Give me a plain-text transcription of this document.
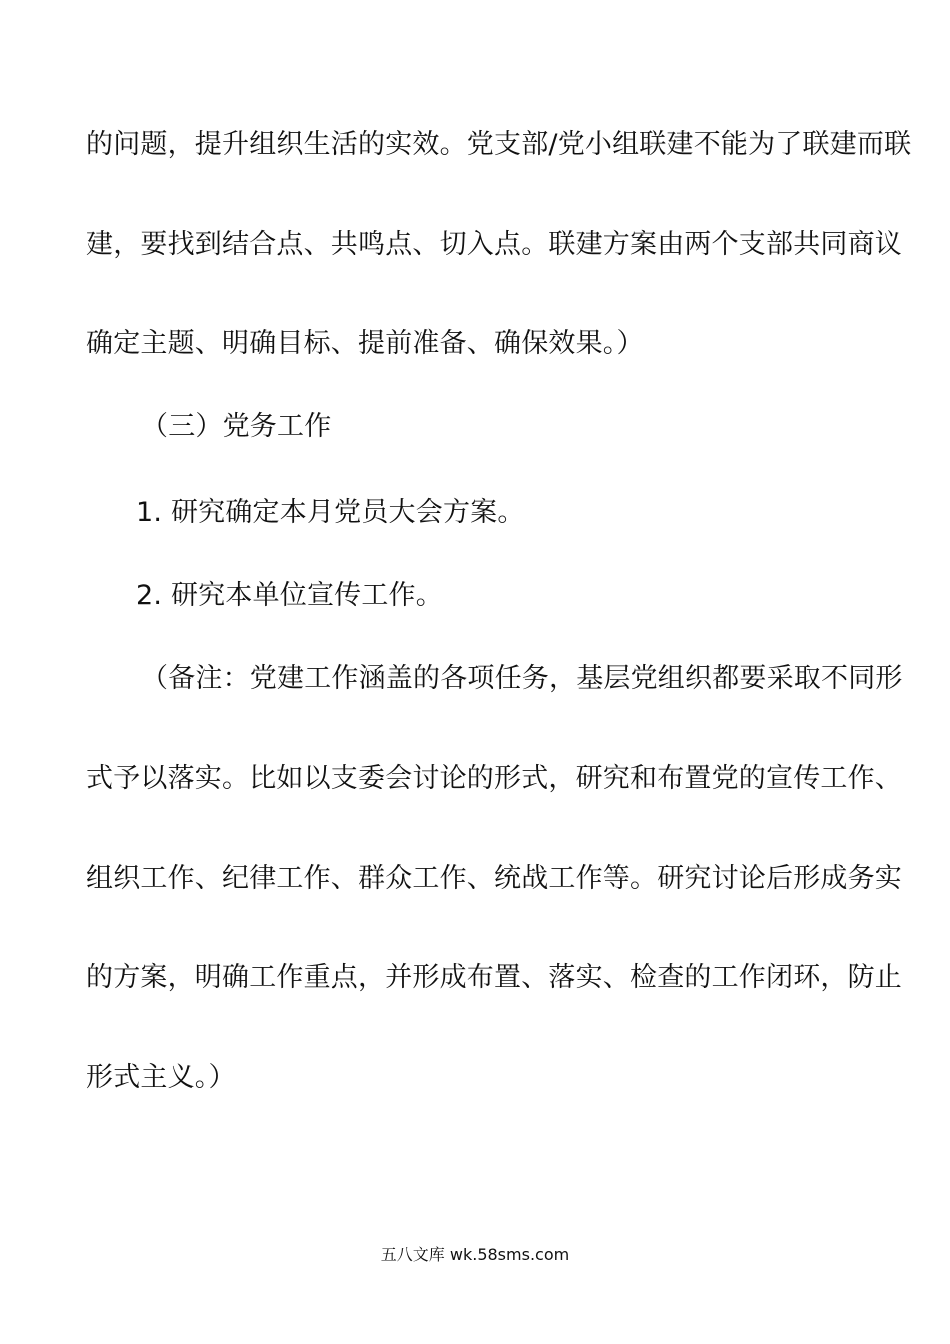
的问题，提升组织生活的实效。党支部/党小组联建不能为了联建而联
建，要找到结合点、共鸣点、切入点。联建方案由两个支部共同商议
确定主题、明确目标、提前准备、确保效果。）
（三）党务工作
1. 研究确定本月党员大会方案。
2. 研究本单位宣传工作。
（备注：党建工作涵盖的各项任务，基层党组织都要采取不同形
式予以落实。比如以支委会讨论的形式，研究和布置党的宣传工作、
组织工作、纪律工作、群众工作、统战工作等。研究讨论后形成务实
的方案，明确工作重点，并形成布置、落实、检查的工作闭环，防止
形式主义。）
五八文库 wk.58sms.com
